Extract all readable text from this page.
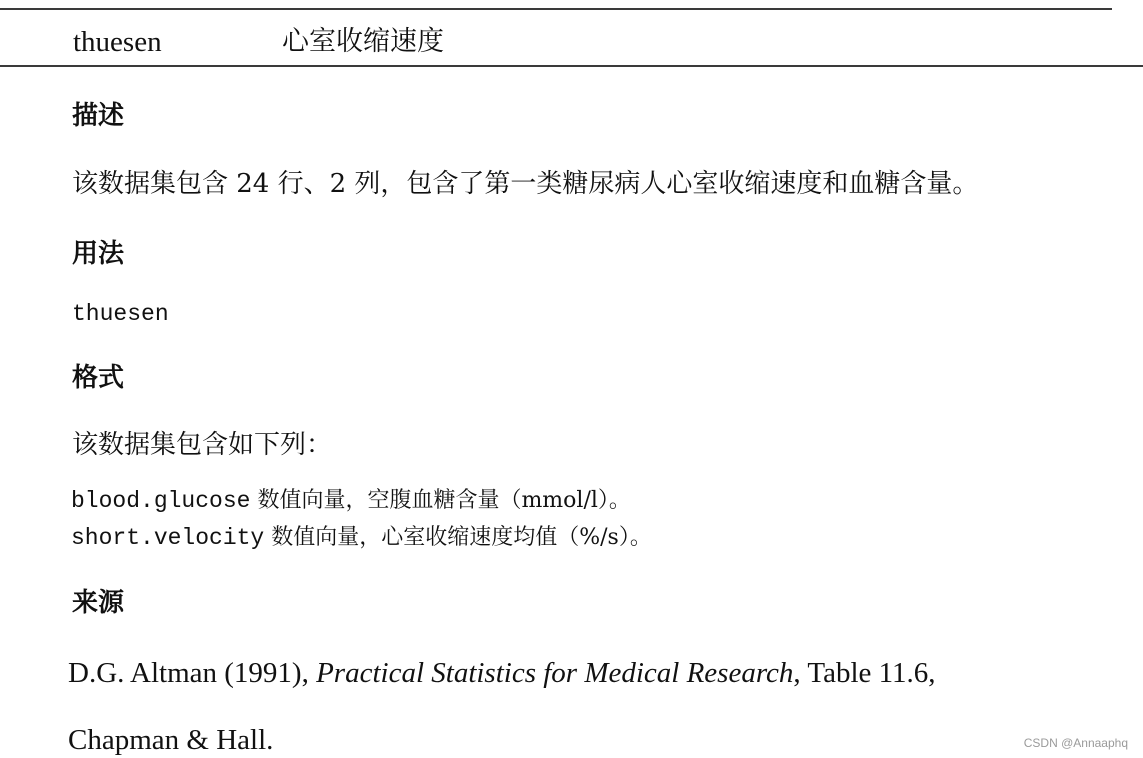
thuesen	心室收缩速度
描述
该数据集包含 24 行、2 列，包含了第一类糖尿病人心室收缩速度和血糖含量。
用法
thuesen
格式
该数据集包含如下列：
blood.glucose 数值向量，空腹血糖含量（mmol/l）。
short.velocity 数值向量，心室收缩速度均值（%/s）。
来源
D.G. Altman (1991), Practical Statistics for Medical Research, Table 11.6,
Chapman & Hall.	CSDN @Annaaphq
